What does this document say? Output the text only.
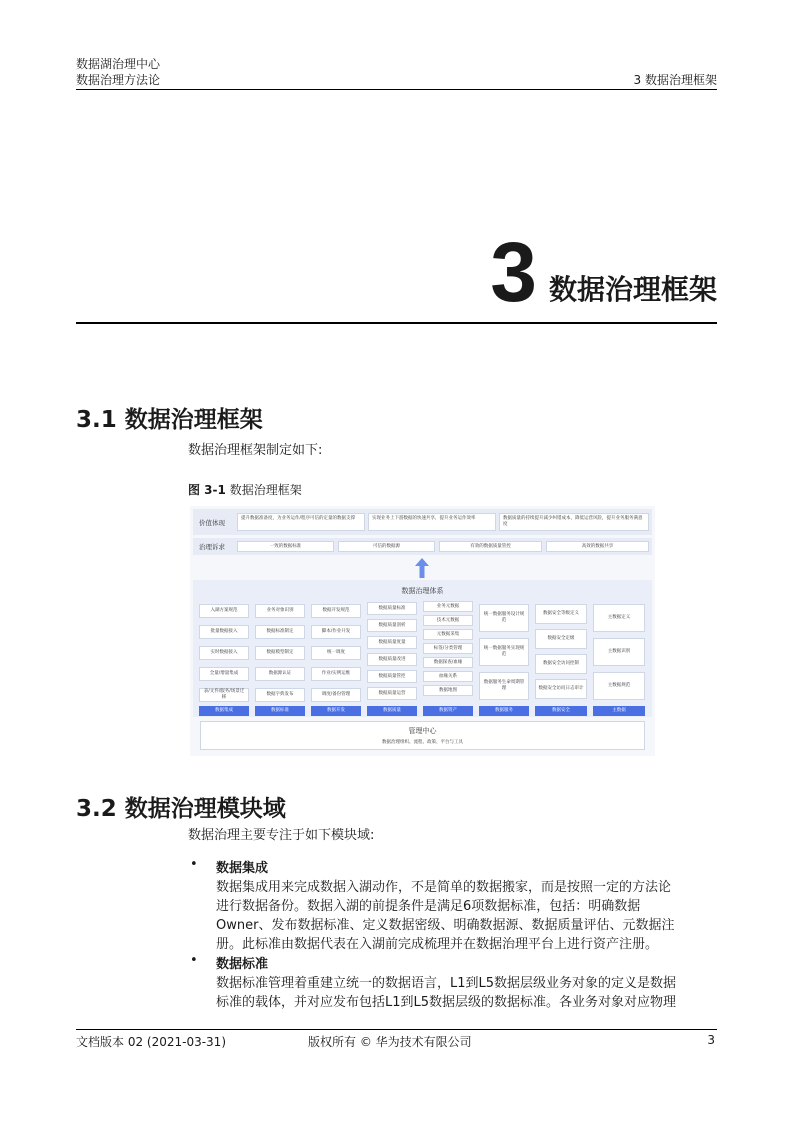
数据湖治理中心
数据治理方法论	3 数据治理框架
3 数据治理框架
3.1 数据治理框架
数据治理框架制定如下:
图 3-1 数据治理框架
价值体现
提升数据准备度，为业务运作/程序可信的定量的数据支撑	实现业务上下游数据的快速共享，提升业务运作效率	数据质量的持续提升减少纠错成本，降低运营风险，提升业务服务满意度
治理诉求	一致的数据标准	可信的数据源	有效的数据质量管控	高效的数据共享
数据治理体系
入湖方案规范
批量数据接入
实时数据接入
全量/增量集成
表/文件/服务/场景迁移
数据集成
业务对象识别
数据标准制定
数据模型制定
数据源认证
数据字典发布
数据标准
数据开发规范
脚本/作业开发
统一调度
作业/实例运维
调度/备份管理
数据开发
数据质量标准
数据质量剖析
数据质量度量
数据质量改进
数据质量管控
数据质量运营
数据质量
业务元数据
技术元数据
元数据采集
标签/分类管理
数据探查/血缘
血缘关系
数据地图
数据资产
统一数据服务设计规范
统一数据服务实现规范
数据服务生命周期管理
数据服务
数据安全等级定义
数据安全定级
数据安全访问控制
数据安全访问日志审计
数据安全
主数据定义
主数据识别
主数据规范
主数据
管理中心
数据治理组织、流程、政策、平台与工具
3.2 数据治理模块域
数据治理主要专注于如下模块域:
• 数据集成
数据集成用来完成数据入湖动作，不是简单的数据搬家，而是按照一定的方法论
进行数据备份。数据入湖的前提条件是满足6项数据标准，包括：明确数据
Owner、发布数据标准、定义数据密级、明确数据源、数据质量评估、元数据注
册。此标准由数据代表在入湖前完成梳理并在数据治理平台上进行资产注册。
• 数据标准
数据标准管理着重建立统一的数据语言，L1到L5数据层级业务对象的定义是数据
标准的载体，并对应发布包括L1到L5数据层级的数据标准。各业务对象对应物理
文档版本 02 (2021-03-31)	版权所有 © 华为技术有限公司	3
